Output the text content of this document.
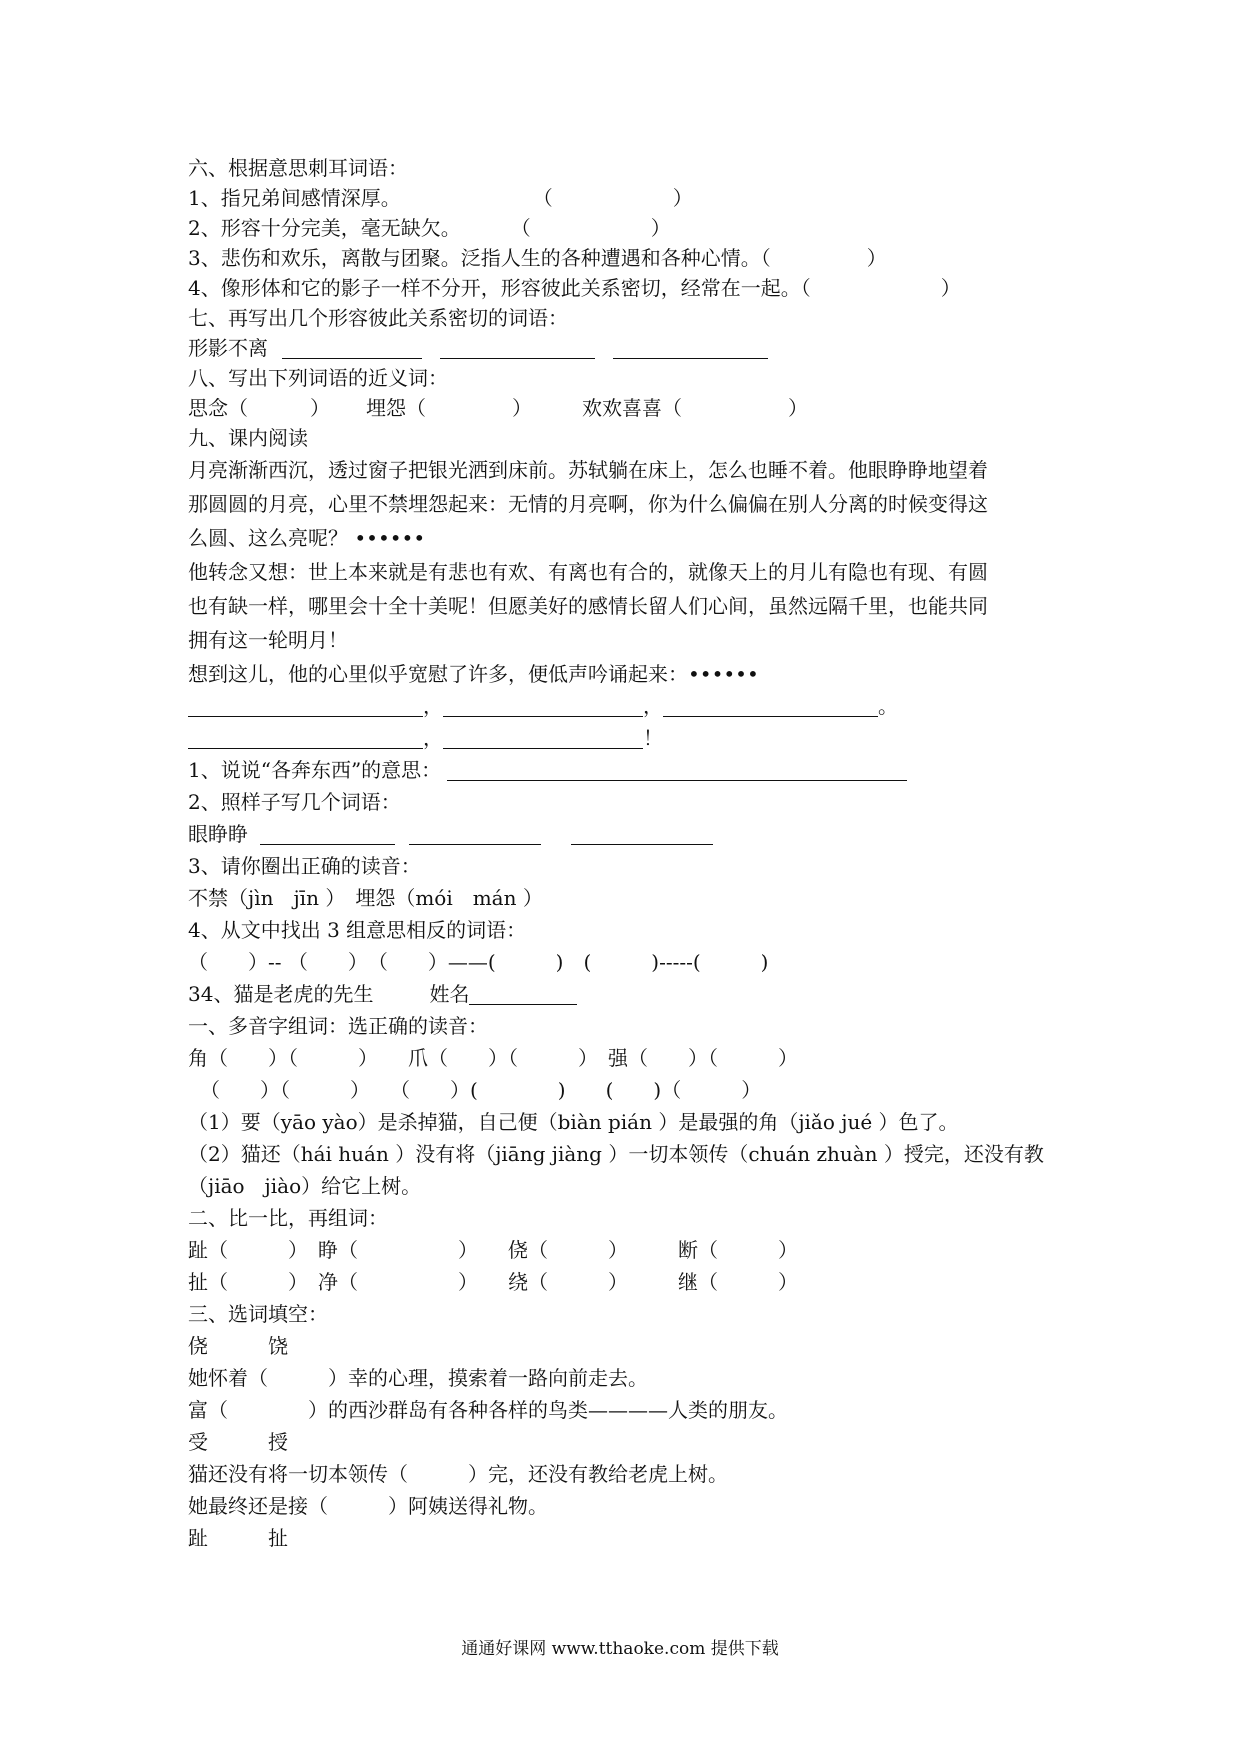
六、根据意思刺耳词语：
1、指兄弟间感情深厚。	（	）
2、形容十分完美，毫无缺欠。	（	）
3、悲伤和欢乐，离散与团聚。泛指人生的各种遭遇和各种心情。（	）
4、像形体和它的影子一样不分开，形容彼此关系密切，经常在一起。（	）
七、再写出几个形容彼此关系密切的词语：
形影不离
八、写出下列词语的近义词：
思念（	） 埋怨（	）	欢欢喜喜（	）
九、课内阅读
月亮渐渐西沉，透过窗子把银光洒到床前。苏轼躺在床上，怎么也睡不着。他眼睁睁地望着
那圆圆的月亮，心里不禁埋怨起来：无情的月亮啊，你为什么偏偏在别人分离的时候变得这
么圆、这么亮呢？ ••••••
他转念又想：世上本来就是有悲也有欢、有离也有合的，就像天上的月儿有隐也有现、有圆
也有缺一样，哪里会十全十美呢！但愿美好的感情长留人们心间，虽然远隔千里，也能共同
拥有这一轮明月！
想到这儿，他的心里似乎宽慰了许多，便低声吟诵起来：••••••
，	，	。
，	！
1、说说“各奔东西”的意思：
2、照样子写几个词语：
眼睁睁
3、请你圈出正确的读音：
不禁（jìn　jīn ）　埋怨（mói　mán ）
4、从文中找出 3 组意思相反的词语：
（　　）-- （　　）　（　　）——(　　　)　(　　　)-----(　　　)
34、猫是老虎的先生	姓名
一、多音字组词：选正确的读音：
角（　　）（　　　）　　爪（　　）（　　　）　强（　　）（　　　）
（　　）（　　　）　　（　　）(　　　　)　　(　　)（　　　）
（1）要（yāo yào）是杀掉猫，自己便（biàn pián ）是最强的角（jiǎo jué ）色了。
（2）猫还（hái huán ）没有将（jiāng jiàng ）一切本领传（chuán zhuàn ）授完，还没有教
（jiāo　jiào）给它上树。
二、比一比，再组词：
趾（　　　）　睁（　　　　　）　　侥（　　　）　　　断（　　　）
扯（　　　）　净（　　　　　）　　绕（　　　）　　　继（　　　）
三、选词填空：
侥　　　饶
她怀着（　　　）幸的心理，摸索着一路向前走去。
富（　　　　）的西沙群岛有各种各样的鸟类————人类的朋友。
受　　　授
猫还没有将一切本领传（　　　）完，还没有教给老虎上树。
她最终还是接（　　　）阿姨送得礼物。
趾　　　扯
通通好课网 www.tthaoke.com 提供下载
